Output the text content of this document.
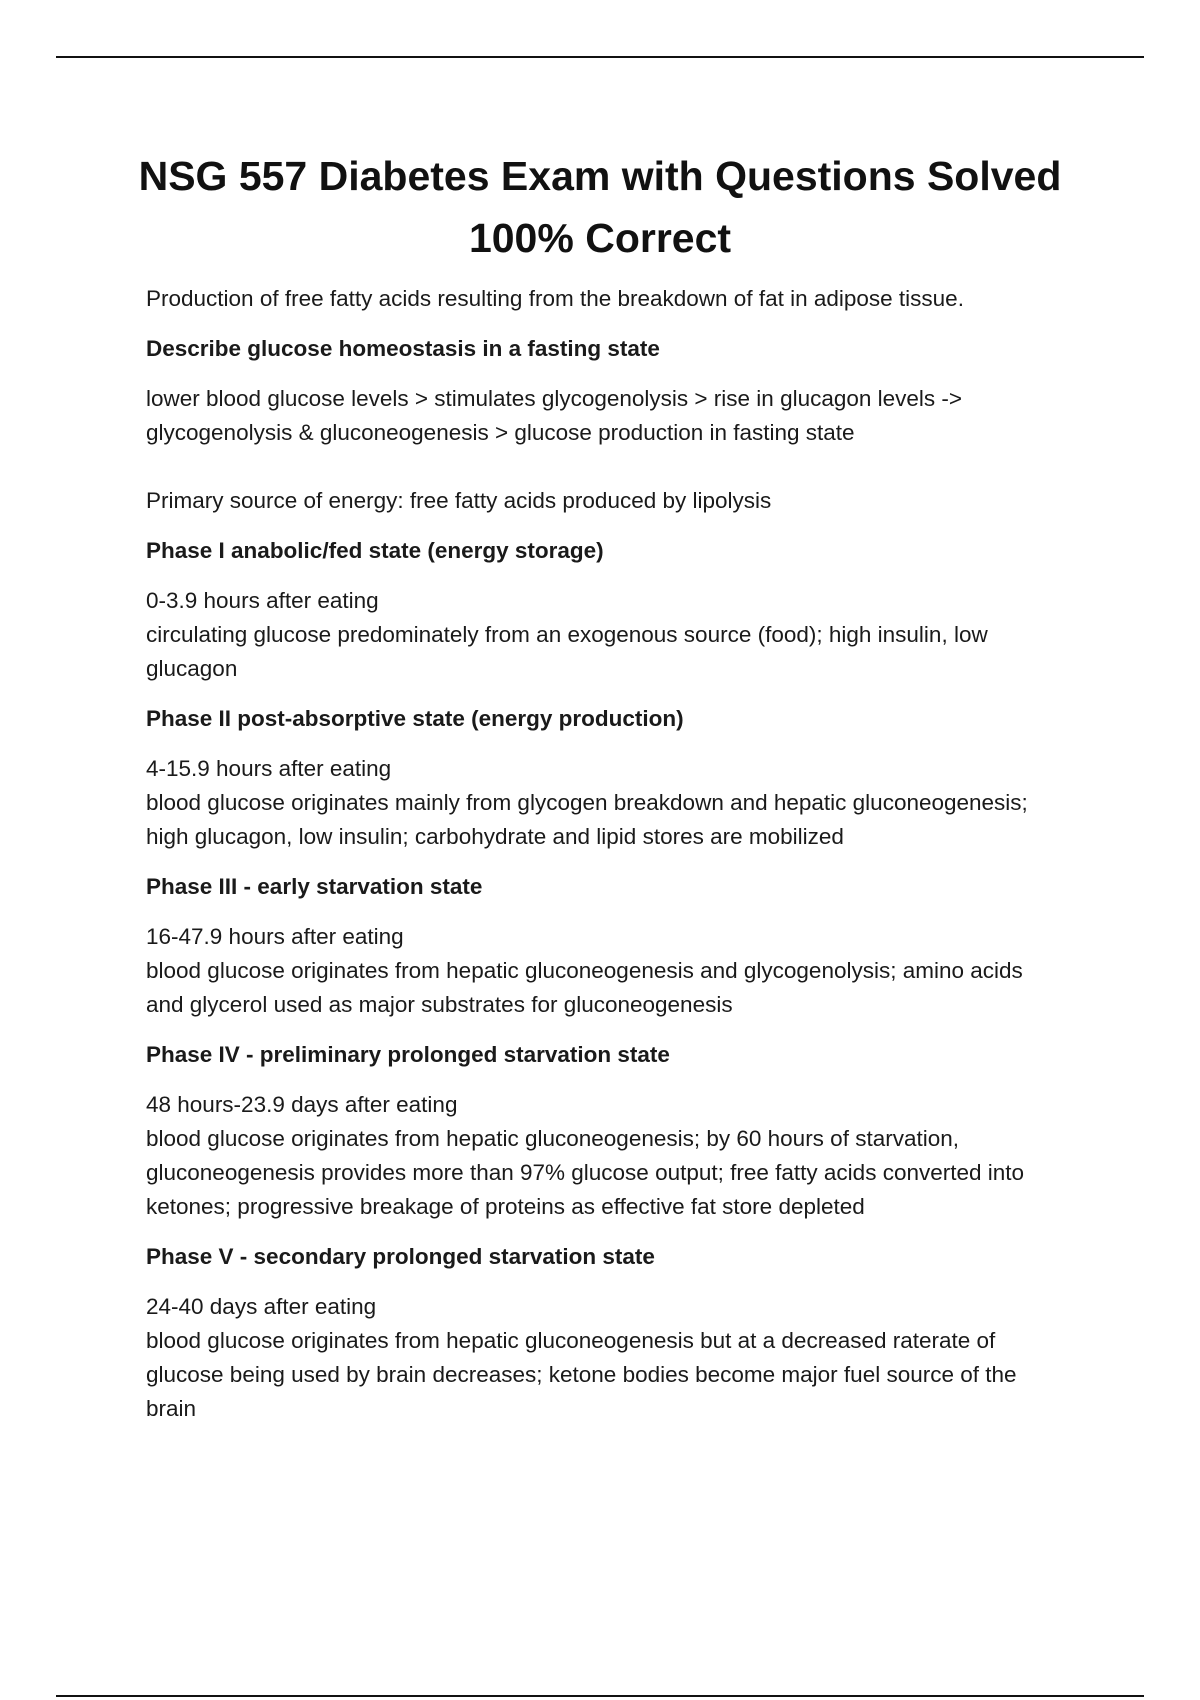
NSG 557 Diabetes Exam with Questions Solved
100% Correct

Production of free fatty acids resulting from the breakdown of fat in adipose tissue.

Describe glucose homeostasis in a fasting state

lower blood glucose levels > stimulates glycogenolysis > rise in glucagon levels ->
glycogenolysis & gluconeogenesis > glucose production in fasting state

Primary source of energy: free fatty acids produced by lipolysis

Phase I anabolic/fed state (energy storage)

0-3.9 hours after eating
circulating glucose predominately from an exogenous source (food); high insulin, low
glucagon

Phase II post-absorptive state (energy production)

4-15.9 hours after eating
blood glucose originates mainly from glycogen breakdown and hepatic gluconeogenesis;
high glucagon, low insulin; carbohydrate and lipid stores are mobilized

Phase III - early starvation state

16-47.9 hours after eating
blood glucose originates from hepatic gluconeogenesis and glycogenolysis; amino acids
and glycerol used as major substrates for gluconeogenesis

Phase IV - preliminary prolonged starvation state

48 hours-23.9 days after eating
blood glucose originates from hepatic gluconeogenesis; by 60 hours of starvation,
gluconeogenesis provides more than 97% glucose output; free fatty acids converted into
ketones; progressive breakage of proteins as effective fat store depleted

Phase V - secondary prolonged starvation state

24-40 days after eating
blood glucose originates from hepatic gluconeogenesis but at a decreased raterate of
glucose being used by brain decreases; ketone bodies become major fuel source of the
brain
